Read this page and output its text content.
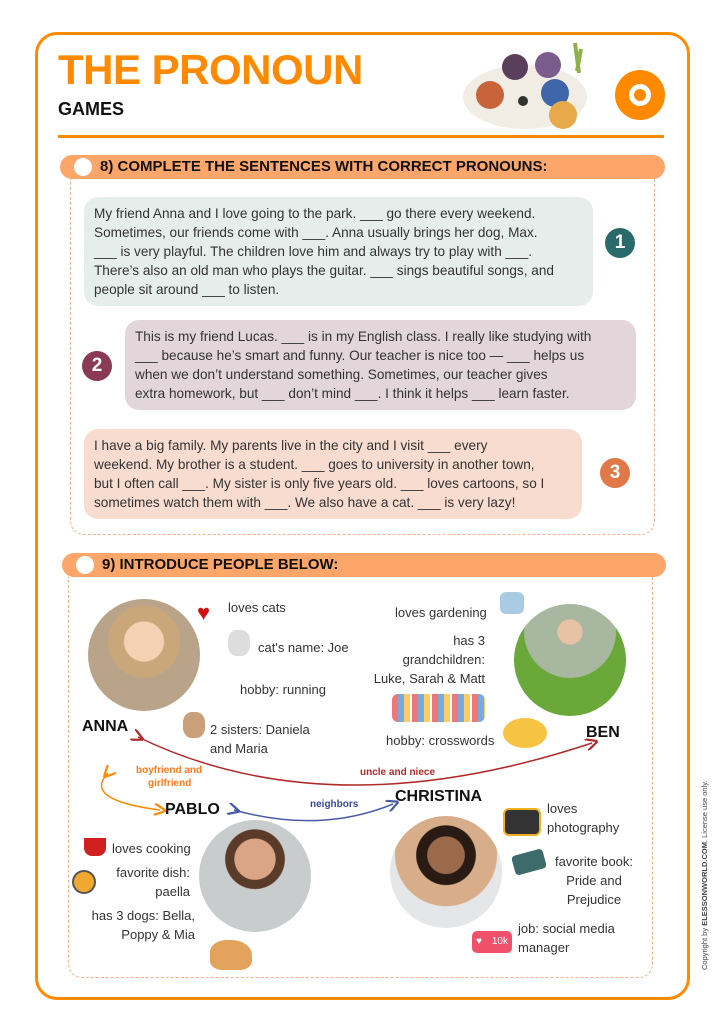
THE PRONOUN
GAMES
8) COMPLETE THE SENTENCES WITH CORRECT PRONOUNS:
My friend Anna and I love going to the park. ___ go there every weekend.
Sometimes, our friends come with ___. Anna usually brings her dog, Max.
___ is very playful. The children love him and always try to play with ___.
There’s also an old man who plays the guitar. ___ sings beautiful songs, and
people sit around ___ to listen.
1
This is my friend Lucas. ___ is in my English class. I really like studying with
___ because he’s smart and funny. Our teacher is nice too — ___ helps us
when we don’t understand something. Sometimes, our teacher gives
extra homework, but ___ don’t mind ___. I think it helps ___ learn faster.
2
I have a big family. My parents live in the city and I visit ___ every
weekend. My brother is a student. ___ goes to university in another town,
but I often call ___. My sister is only five years old. ___ loves cartoons, so I
sometimes watch them with ___. We also have a cat. ___ is very lazy!
3
9) INTRODUCE PEOPLE BELOW:
ANNA
♥ loves cats
cat's name: Joe
hobby: running
2 sisters: Daniela
and Maria
BEN
loves gardening
has 3
grandchildren:
Luke, Sarah & Matt
hobby: crosswords
uncle and niece
boyfriend and
girlfriend
neighbors
PABLO
loves cooking
favorite dish:
paella
has 3 dogs: Bella,
Poppy & Mia
CHRISTINA
loves
photography
favorite book:
Pride and
Prejudice
♥ 10k
job: social media
manager	Copyright by ELESSONWORLD.COM. License use only.
